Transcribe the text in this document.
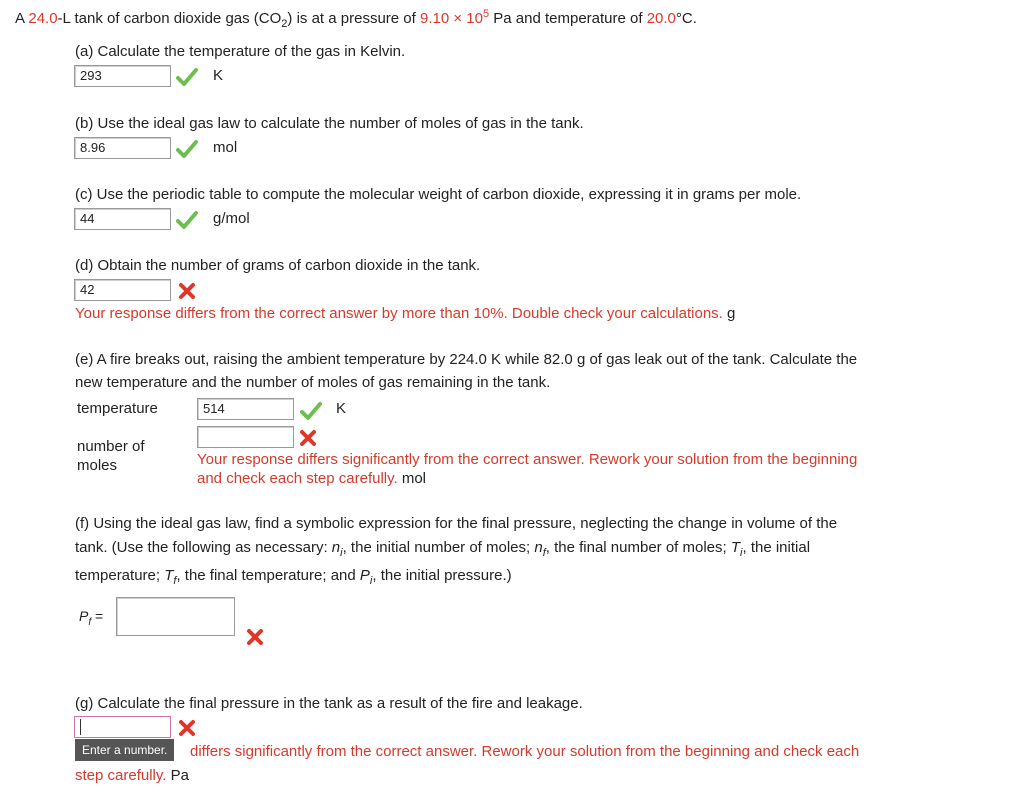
A 24.0-L tank of carbon dioxide gas $(CO_2)$ is at a pressure of $9.10 \times 10^5$ Pa and temperature of 20.0°C.
(a) Calculate the temperature of the gas in Kelvin.
293	K
(b) Use the ideal gas law to calculate the number of moles of gas in the tank.
8.96	mol
(c) Use the periodic table to compute the molecular weight of carbon dioxide, expressing it in grams per mole.
44	g/mol
(d) Obtain the number of grams of carbon dioxide in the tank.
42
Your response differs from the correct answer by more than 10%. Double check your calculations. g
(e) A fire breaks out, raising the ambient temperature by 224.0 K while 82.0 g of gas leak out of the tank. Calculate the
new temperature and the number of moles of gas remaining in the tank.
temperature	514	K
number of
moles	Your response differs significantly from the correct answer. Rework your solution from the beginning
and check each step carefully. mol
(f) Using the ideal gas law, find a symbolic expression for the final pressure, neglecting the change in volume of the
tank. (Use the following as necessary: $n_i$, the initial number of moles; $n_f$, the final number of moles; $T_i$, the initial
temperature; $T_f$, the final temperature; and $P_i$, the initial pressure.)
$P_f$ =
(g) Calculate the final pressure in the tank as a result of the fire and leakage.
Enter a number.	differs significantly from the correct answer. Rework your solution from the beginning and check each
step carefully. Pa
